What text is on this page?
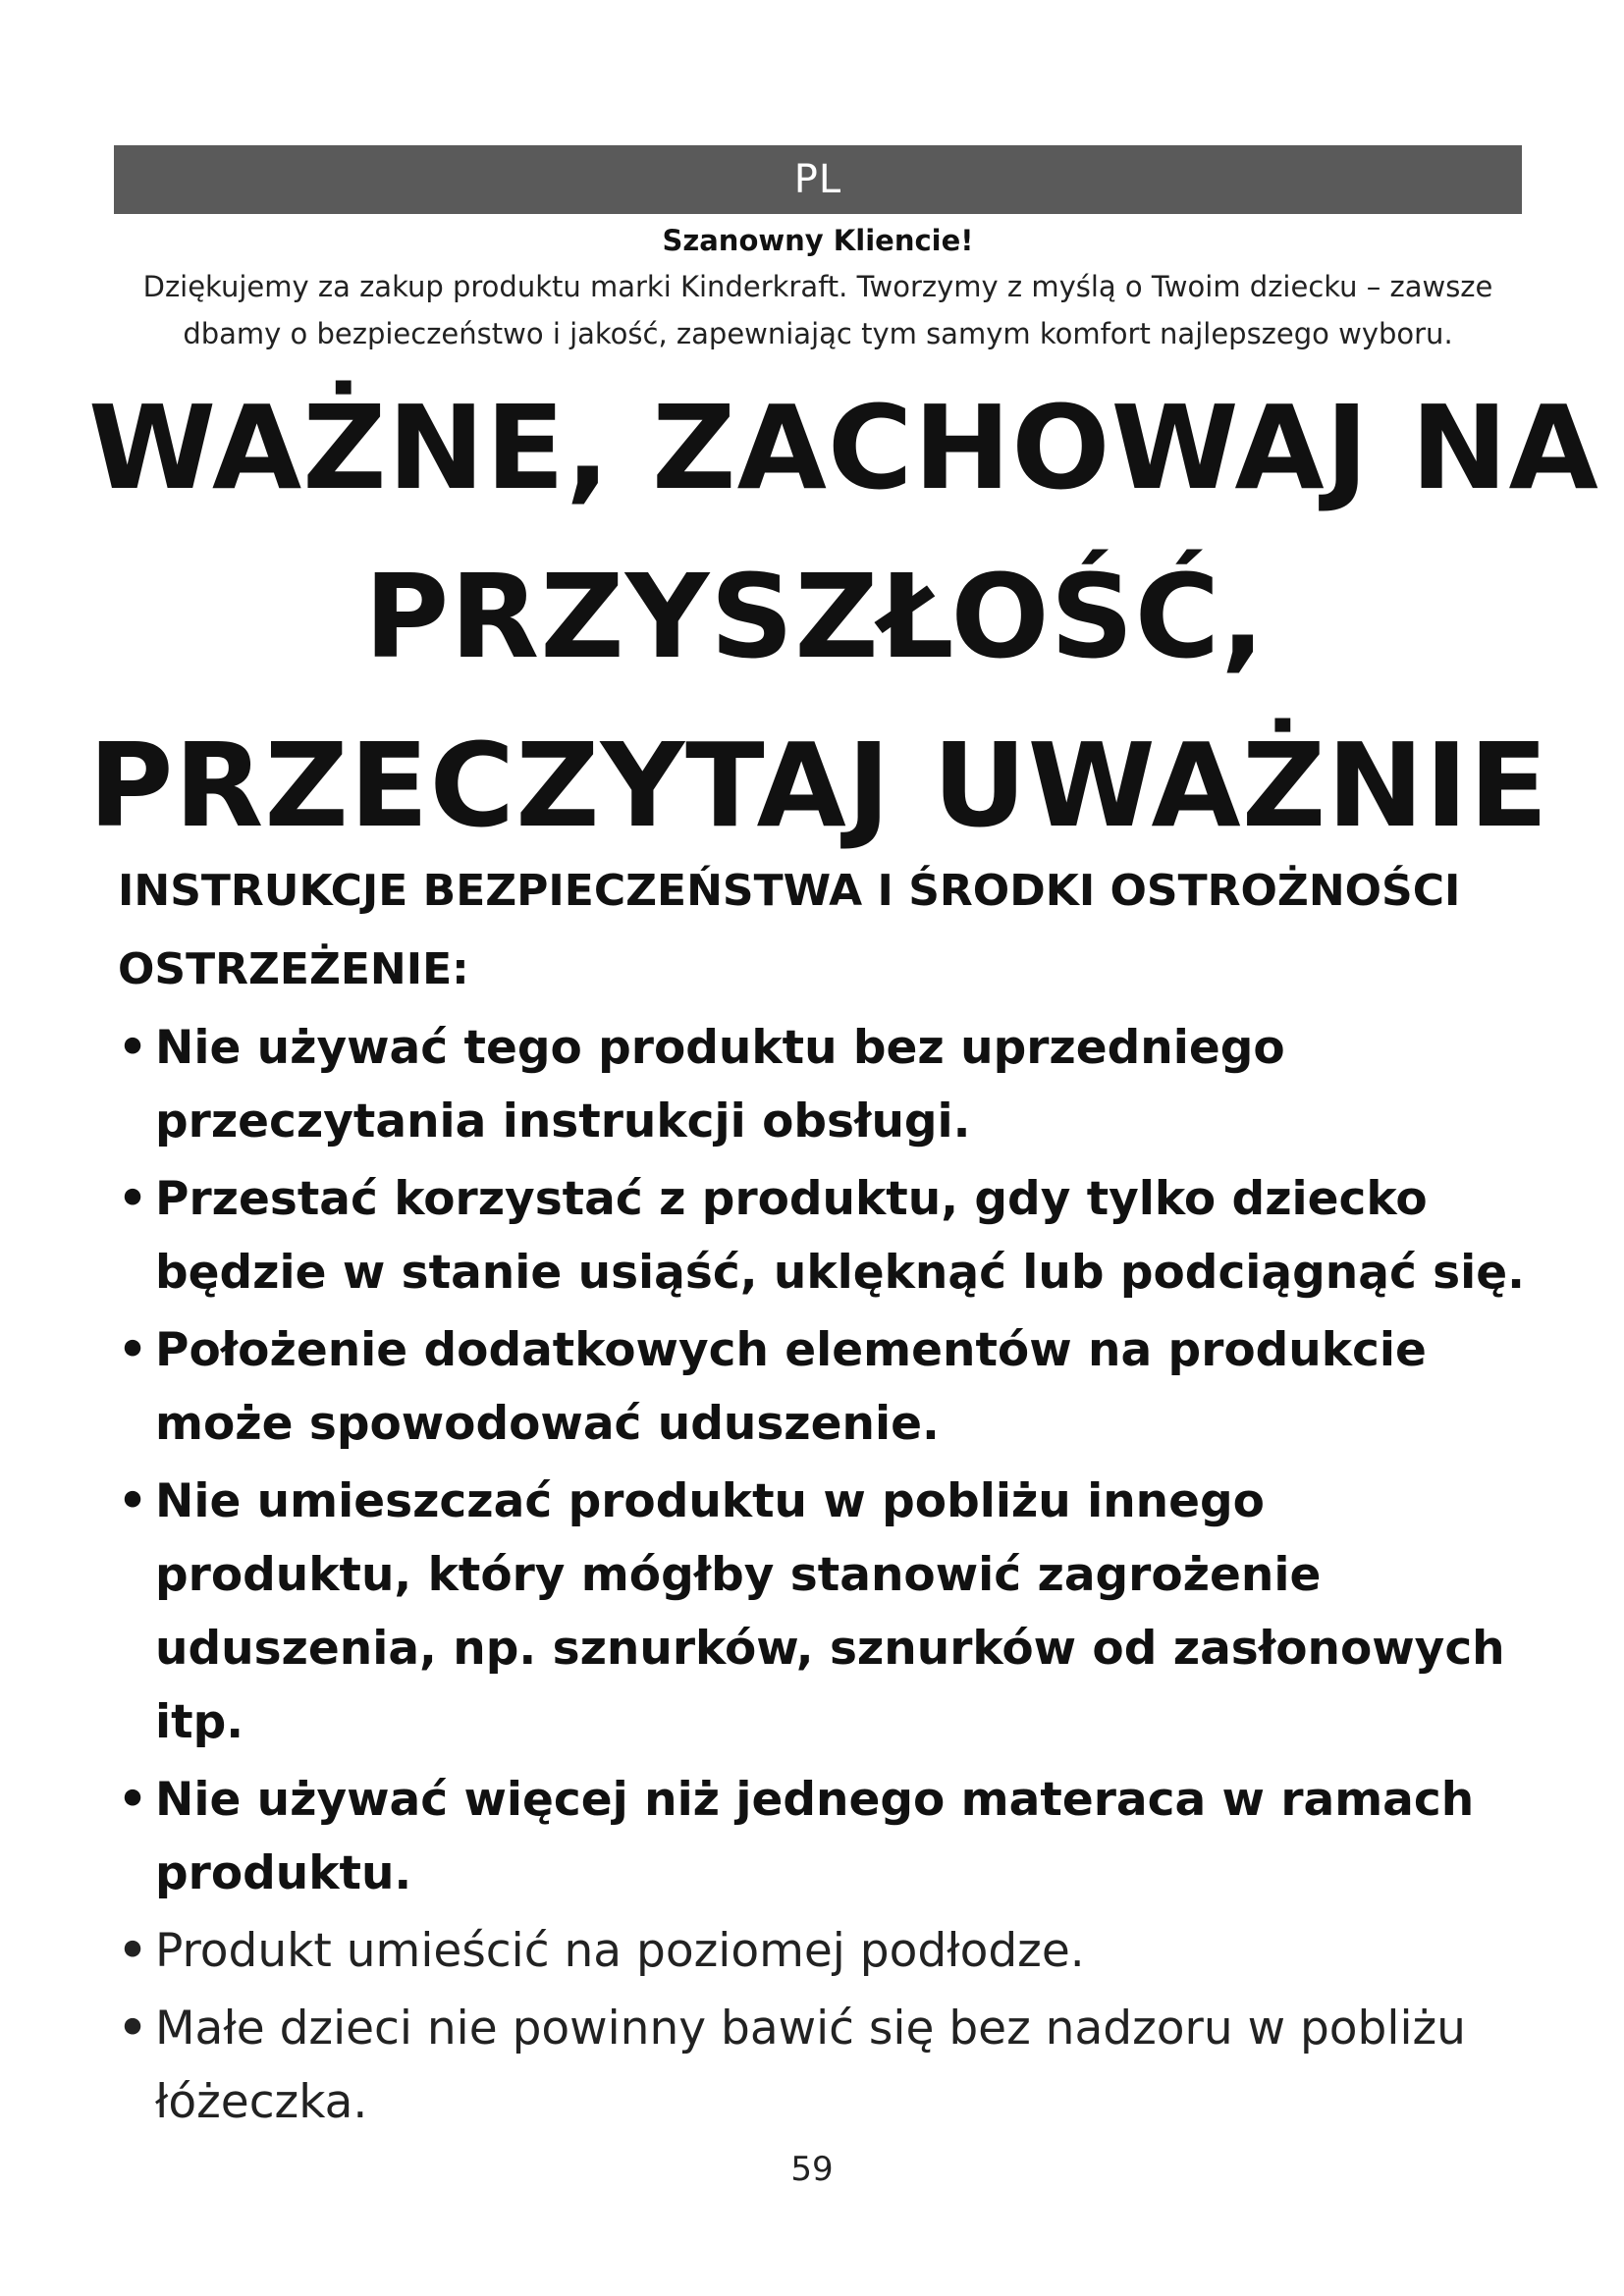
PL
Szanowny Kliencie!
Dziękujemy za zakup produktu marki Kinderkraft. Tworzymy z myślą o Twoim dziecku – zawsze
dbamy o bezpieczeństwo i jakość, zapewniając tym samym komfort najlepszego wyboru.
WAŻNE, ZACHOWAJ NA
PRZYSZŁOŚĆ,
PRZECZYTAJ UWAŻNIE
INSTRUKCJE BEZPIECZEŃSTWA I ŚRODKI OSTROŻNOŚCI
OSTRZEŻENIE:
• Nie używać tego produktu bez uprzedniego przeczytania instrukcji obsługi.
• Przestać korzystać z produktu, gdy tylko dziecko będzie w stanie usiąść, uklęknąć lub podciągnąć się.
• Położenie dodatkowych elementów na produkcie może spowodować uduszenie.
• Nie umieszczać produktu w pobliżu innego produktu, który mógłby stanowić zagrożenie uduszenia, np. sznurków, sznurków od zasłonowych itp.
• Nie używać więcej niż jednego materaca w ramach produktu.
• Produkt umieścić na poziomej podłodze.
• Małe dzieci nie powinny bawić się bez nadzoru w pobliżu łóżeczka.
59
